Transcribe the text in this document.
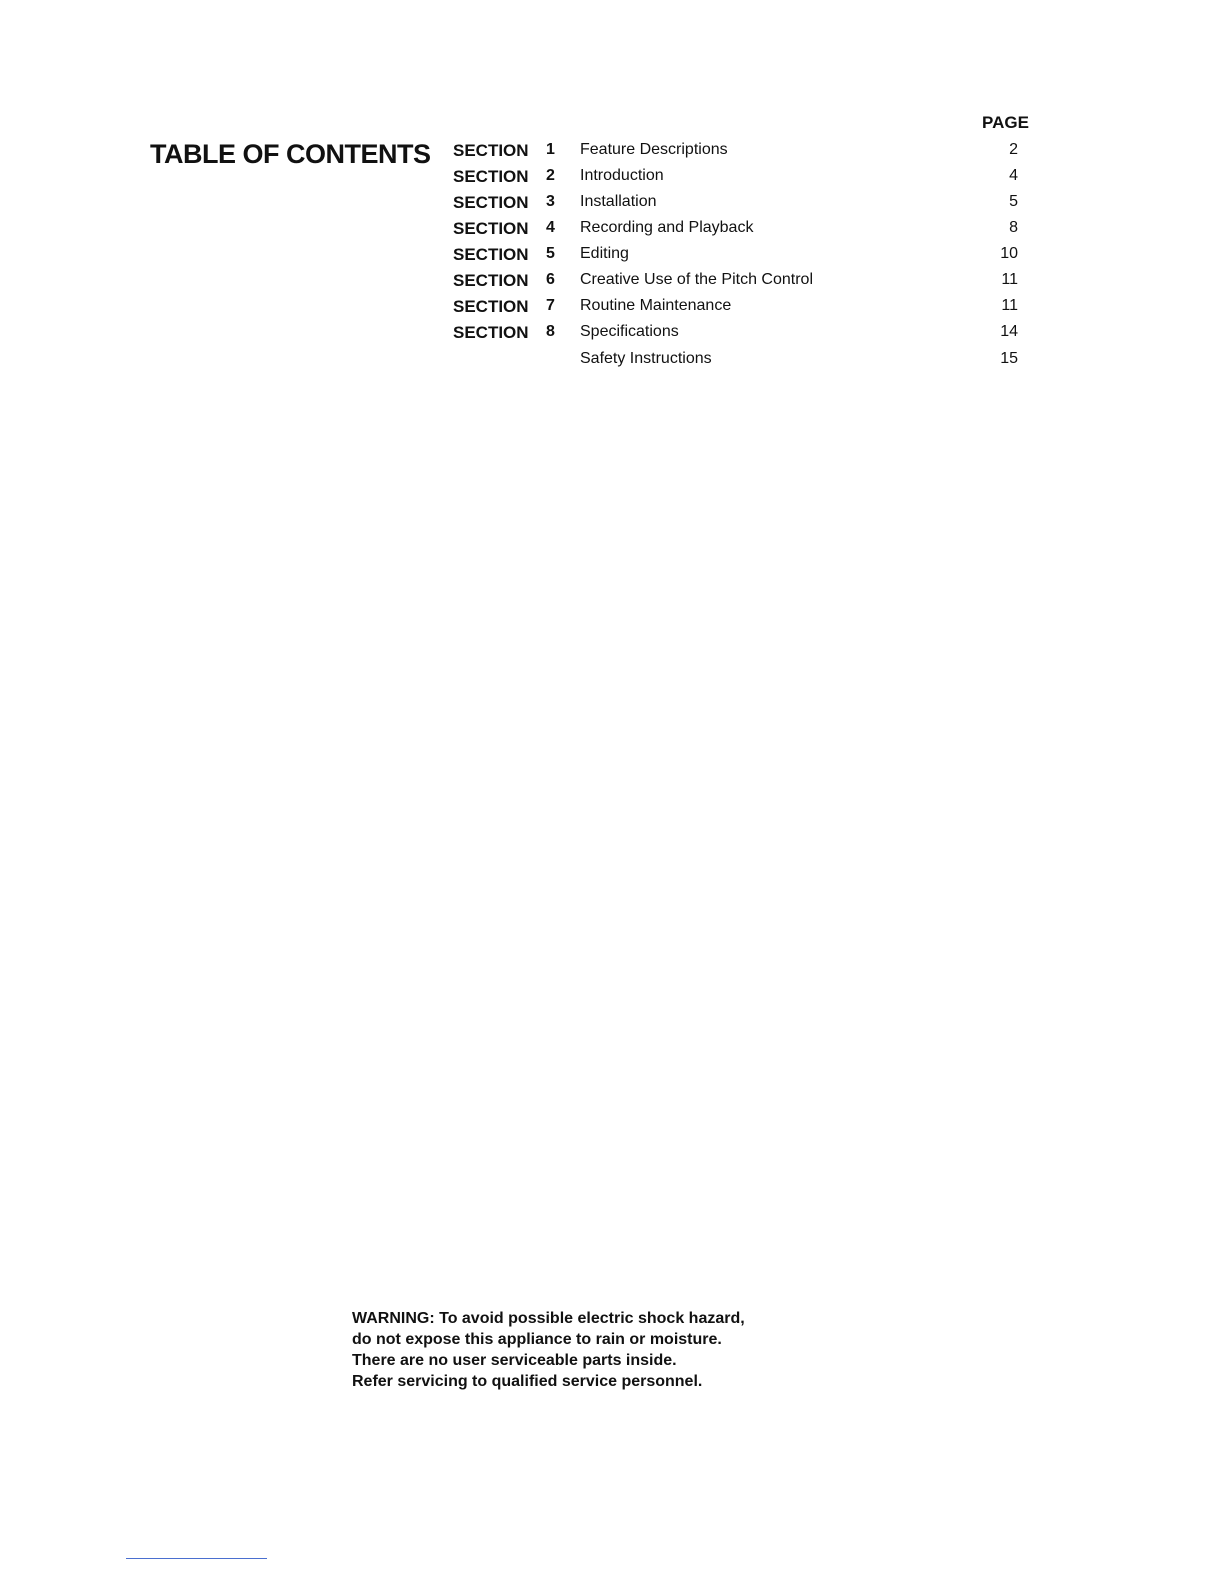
TABLE OF CONTENTS
PAGE
SECTION 1 Feature Descriptions	2
SECTION 2 Introduction	4
SECTION 3 Installation	5
SECTION 4 Recording and Playback	8
SECTION 5 Editing	10
SECTION 6 Creative Use of the Pitch Control	11
SECTION 7 Routine Maintenance	11
SECTION 8 Specifications	14
Safety Instructions	15
WARNING: To avoid possible electric shock hazard,
do not expose this appliance to rain or moisture.
There are no user serviceable parts inside.
Refer servicing to qualified service personnel.
